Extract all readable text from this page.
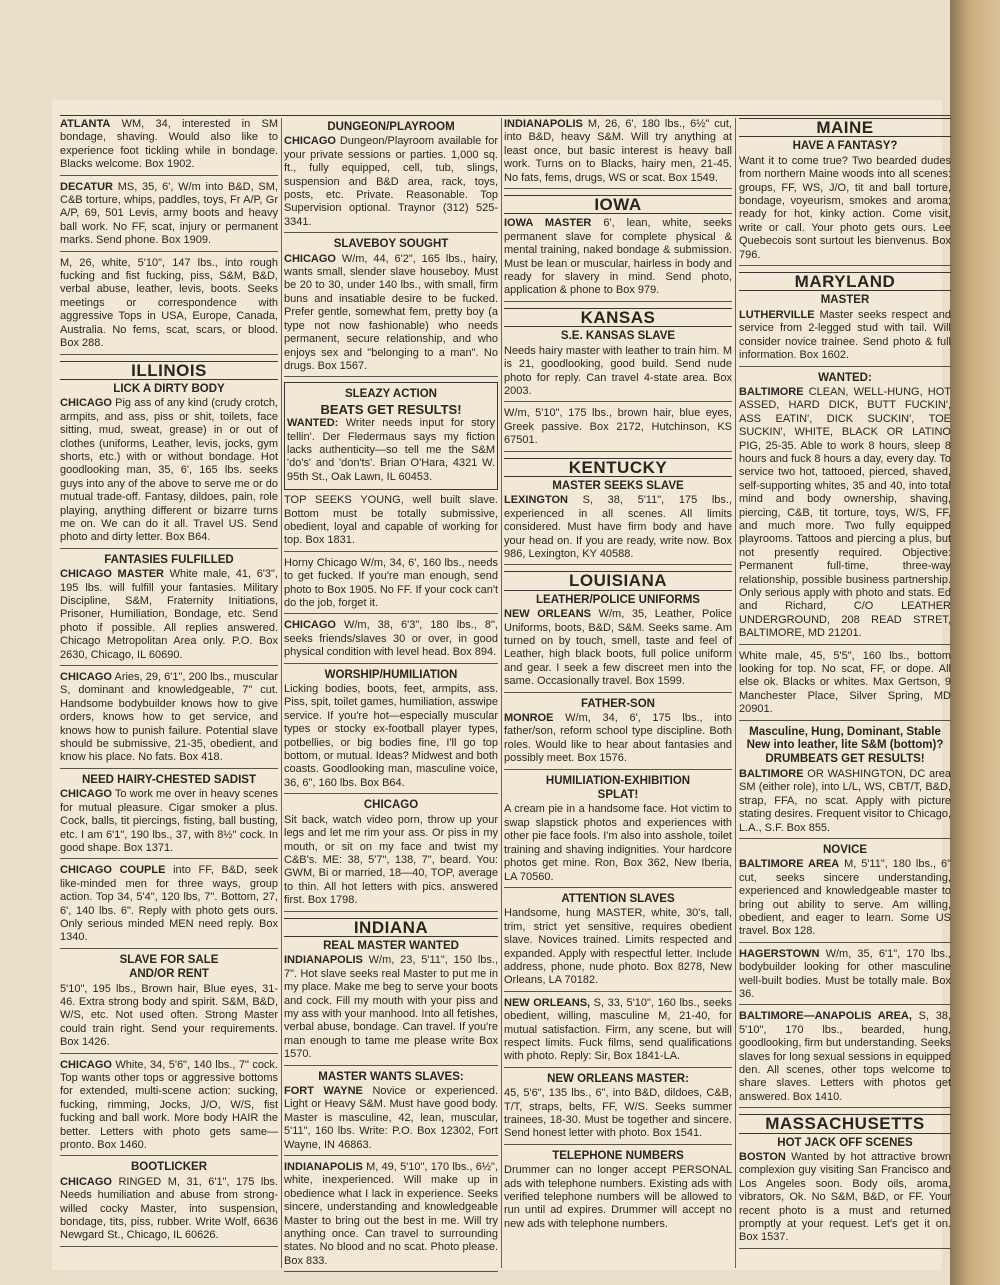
ATLANTA WM, 34, interested in SM bondage, shaving. Would also like to experience foot tickling while in bondage. Blacks welcome. Box 1902.

DECATUR MS, 35, 6', W/m into B&D, SM, C&B torture, whips, paddles, toys, Fr A/P, Gr A/P, 69, 501 Levis, army boots and heavy ball work. No FF, scat, injury or permanent marks. Send phone. Box 1909.

M, 26, white, 5'10", 147 lbs., into rough fucking and fist fucking, piss, S&M, B&D, verbal abuse, leather, levis, boots. Seeks meetings or correspondence with aggressive Tops in USA, Europe, Canada, Australia. No fems, scat, scars, or blood. Box 288.

ILLINOIS
LICK A DIRTY BODY

CHICAGO Pig ass of any kind (crudy crotch, armpits, and ass, piss or shit, toilets, face sitting, mud, sweat, grease) in or out of clothes (uniforms, Leather, levis, jocks, gym shorts, etc.) with or without bondage. Hot goodlooking man, 35, 6', 165 lbs. seeks guys into any of the above to serve me or do mutual trade-off. Fantasy, dildoes, pain, role playing, anything different or bizarre turns me on. We can do it all. Travel US. Send photo and dirty letter. Box B64.

FANTASIES FULFILLED

CHICAGO MASTER White male, 41, 6'3", 195 lbs. will fulfill your fantasies. Military Discipline, S&M, Fraternity Initiations, Prisoner, Humiliation, Bondage, etc. Send photo if possible. All replies answered. Chicago Metropolitan Area only. P.O. Box 2630, Chicago, IL 60690.

CHICAGO Aries, 29, 6'1", 200 lbs., muscular S, dominant and knowledgeable, 7" cut. Handsome bodybuilder knows how to give orders, knows how to get service, and knows how to punish failure. Potential slave should be submissive, 21-35, obedient, and know his place. No fats. Box 418.

NEED HAIRY-CHESTED SADIST

CHICAGO To work me over in heavy scenes for mutual pleasure. Cigar smoker a plus. Cock, balls, tit piercings, fisting, ball busting, etc. I am 6'1", 190 lbs., 37, with 8½" cock. In good shape. Box 1371.

CHICAGO COUPLE into FF, B&D, seek like-minded men for three ways, group action. Top 34, 5'4", 120 lbs, 7". Bottom, 27, 6', 140 lbs. 6". Reply with photo gets ours. Only serious minded MEN need reply. Box 1340.

SLAVE FOR SALE
AND/OR RENT

5'10", 195 lbs., Brown hair, Blue eyes, 31-46. Extra strong body and spirit. S&M, B&D, W/S, etc. Not used often. Strong Master could train right. Send your requirements. Box 1426.

CHICAGO White, 34, 5'6", 140 lbs., 7" cock. Top wants other tops or aggressive bottoms for extended, multi-scene action: sucking, fucking, rimming, Jocks, J/O, W/S, fist fucking and ball work. More body HAIR the better. Letters with photo gets same—pronto. Box 1460.

BOOTLICKER

CHICAGO RINGED M, 31, 6'1", 175 lbs. Needs humiliation and abuse from strong-willed cocky Master, into suspension, bondage, tits, piss, rubber. Write Wolf, 6636 Newgard St., Chicago, IL 60626.

DUNGEON/PLAYROOM

CHICAGO Dungeon/Playroom available for your private sessions or parties. 1,000 sq. ft., fully equipped, cell, tub, slings, suspension and B&D area, rack, toys, posts, etc. Private. Reasonable. Top Supervision optional. Traynor (312) 525-3341.

SLAVEBOY SOUGHT

CHICAGO W/m, 44, 6'2", 165 lbs., hairy, wants small, slender slave houseboy. Must be 20 to 30, under 140 lbs., with small, firm buns and insatiable desire to be fucked. Prefer gentle, somewhat fem, pretty boy (a type not now fashionable) who needs permanent, secure relationship, and who enjoys sex and "belonging to a man". No drugs. Box 1567.

SLEAZY ACTION
BEATS GET RESULTS!

WANTED: Writer needs input for story tellin'. Der Fledermaus says my fiction lacks authenticity—so tell me the S&M 'do's' and 'don'ts'. Brian O'Hara, 4321 W. 95th St., Oak Lawn, IL 60453.

TOP SEEKS YOUNG, well built slave. Bottom must be totally submissive, obedient, loyal and capable of working for top. Box 1831.

Horny Chicago W/m, 34, 6', 160 lbs., needs to get fucked. If you're man enough, send photo to Box 1905. No FF. If your cock can't do the job, forget it.

CHICAGO W/m, 38, 6'3", 180 lbs., 8", seeks friends/slaves 30 or over, in good physical condition with level head. Box 894.

WORSHIP/HUMILIATION

Licking bodies, boots, feet, armpits, ass. Piss, spit, toilet games, humiliation, asswipe service. If you're hot—especially muscular types or stocky ex-football player types, potbellies, or big bodies fine, I'll go top bottom, or mutual. Ideas? Midwest and both coasts. Goodlooking man, masculine voice, 36, 6", 160 lbs. Box B64.

CHICAGO

Sit back, watch video porn, throw up your legs and let me rim your ass. Or piss in my mouth, or sit on my face and twist my C&B's. ME: 38, 5'7", 138, 7", beard. You: GWM, Bi or married, 18—40, TOP, average to thin. All hot letters with pics. answered first. Box 1798.

INDIANA
REAL MASTER WANTED

INDIANAPOLIS W/m, 23, 5'11", 150 lbs., 7". Hot slave seeks real Master to put me in my place. Make me beg to serve your boots and cock. Fill my mouth with your piss and my ass with your manhood. Into all fetishes, verbal abuse, bondage. Can travel. If you're man enough to tame me please write Box 1570.

MASTER WANTS SLAVES:

FORT WAYNE Novice or experienced. Light or Heavy S&M. Must have good body. Master is masculine, 42, lean, muscular, 5'11", 160 lbs. Write: P.O. Box 12302, Fort Wayne, IN 46863.

INDIANAPOLIS M, 49, 5'10", 170 lbs., 6½", white, inexperienced. Will make up in obedience what I lack in experience. Seeks sincere, understanding and knowledgeable Master to bring out the best in me. Will try anything once. Can travel to surrounding states. No blood and no scat. Photo please. Box 833.

INDIANAPOLIS M, 26, 6', 180 lbs., 6½" cut, into B&D, heavy S&M. Will try anything at least once, but basic interest is heavy ball work. Turns on to Blacks, hairy men, 21-45. No fats, fems, drugs, WS or scat. Box 1549.

IOWA

IOWA MASTER 6', lean, white, seeks permanent slave for complete physical & mental training, naked bondage & submission. Must be lean or muscular, hairless in body and ready for slavery in mind. Send photo, application & phone to Box 979.

KANSAS
S.E. KANSAS SLAVE

Needs hairy master with leather to train him. M is 21, goodlooking, good build. Send nude photo for reply. Can travel 4-state area. Box 2003.

W/m, 5'10", 175 lbs., brown hair, blue eyes, Greek passive. Box 2172, Hutchinson, KS 67501.

KENTUCKY
MASTER SEEKS SLAVE

LEXINGTON S, 38, 5'11", 175 lbs., experienced in all scenes. All limits considered. Must have firm body and have your head on. If you are ready, write now. Box 986, Lexington, KY 40588.

LOUISIANA
LEATHER/POLICE UNIFORMS

NEW ORLEANS W/m, 35, Leather, Police Uniforms, boots, B&D, S&M. Seeks same. Am turned on by touch, smell, taste and feel of Leather, high black boots, full police uniform and gear. I seek a few discreet men into the same. Occasionally travel. Box 1599.

FATHER-SON

MONROE W/m, 34, 6', 175 lbs., into father/son, reform school type discipline. Both roles. Would like to hear about fantasies and possibly meet. Box 1576.

HUMILIATION-EXHIBITION
SPLAT!

A cream pie in a handsome face. Hot victim to swap slapstick photos and experiences with other pie face fools. I'm also into asshole, toilet training and shaving indignities. Your hardcore photos get mine. Ron, Box 362, New Iberia, LA 70560.

ATTENTION SLAVES

Handsome, hung MASTER, white, 30's, tall, trim, strict yet sensitive, requires obedient slave. Novices trained. Limits respected and expanded. Apply with respectful letter. Include address, phone, nude photo. Box 8278, New Orleans, LA 70182.

NEW ORLEANS, S, 33, 5'10", 160 lbs., seeks obedient, willing, masculine M, 21-40, for mutual satisfaction. Firm, any scene, but will respect limits. Fuck films, send qualifications with photo. Reply: Sir, Box 1841-LA.

NEW ORLEANS MASTER:

45, 5'6", 135 lbs., 6", into B&D, dildoes, C&B, T/T, straps, belts, FF, W/S. Seeks summer trainees, 18-30. Must be together and sincere. Send honest letter with photo. Box 1541.

TELEPHONE NUMBERS

Drummer can no longer accept PERSONAL ads with telephone numbers. Existing ads with verified telephone numbers will be allowed to run until ad expires. Drummer will accept no new ads with telephone numbers.

MAINE
HAVE A FANTASY?

Want it to come true? Two bearded dudes from northern Maine woods into all scenes: groups, FF, WS, J/O, tit and ball torture, bondage, voyeurism, smokes and aroma; ready for hot, kinky action. Come visit, write or call. Your photo gets ours. Lee Quebecois sont surtout les bienvenus. Box 796.

MARYLAND
MASTER

LUTHERVILLE Master seeks respect and service from 2-legged stud with tail. Will consider novice trainee. Send photo & full information. Box 1602.

WANTED:

BALTIMORE CLEAN, WELL-HUNG, HOT ASSED, HARD DICK, BUTT FUCKIN', ASS EATIN', DICK SUCKIN', TOE SUCKIN', WHITE, BLACK OR LATINO PIG, 25-35. Able to work 8 hours, sleep 8 hours and fuck 8 hours a day, every day. To service two hot, tattooed, pierced, shaved, self-supporting whites, 35 and 40, into total mind and body ownership, shaving, piercing, C&B, tit torture, toys, W/S, FF, and much more. Two fully equipped playrooms. Tattoos and piercing a plus, but not presently required. Objective: Permanent full-time, three-way relationship, possible business partnership. Only serious apply with photo and stats. Ed and Richard, C/O LEATHER UNDERGROUND, 208 READ STRET, BALTIMORE, MD 21201.

White male, 45, 5'5", 160 lbs., bottom looking for top. No scat, FF, or dope. All else ok. Blacks or whites. Max Gertson, 9 Manchester Place, Silver Spring, MD 20901.

Masculine, Hung, Dominant, Stable New into leather, lite S&M (bottom)?
DRUMBEATS GET RESULTS!

BALTIMORE OR WASHINGTON, DC area SM (either role), into L/L, WS, CBT/T, B&D, strap, FFA, no scat. Apply with picture stating desires. Frequent visitor to Chicago, L.A., S.F. Box 855.

NOVICE

BALTIMORE AREA M, 5'11", 180 lbs., 6" cut, seeks sincere understanding, experienced and knowledgeable master to bring out ability to serve. Am willing, obedient, and eager to learn. Some US travel. Box 128.

HAGERSTOWN W/m, 35, 6'1", 170 lbs., bodybuilder looking for other masculine well-built bodies. Must be totally male. Box 36.

BALTIMORE—ANAPOLIS AREA, S, 38, 5'10", 170 lbs., bearded, hung, goodlooking, firm but understanding. Seeks slaves for long sexual sessions in equipped den. All scenes, other tops welcome to share slaves. Letters with photos get answered. Box 1410.

MASSACHUSETTS
HOT JACK OFF SCENES

BOSTON Wanted by hot attractive brown complexion guy visiting San Francisco and Los Angeles soon. Body oils, aroma, vibrators, Ok. No S&M, B&D, or FF. Your recent photo is a must and returned promptly at your request. Let's get it on. Box 1537.
